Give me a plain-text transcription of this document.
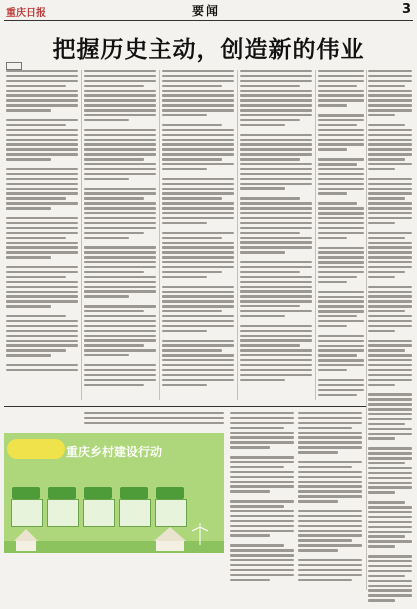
重庆日报	要闻	3
把握历史主动，创造新的伟业

重庆乡村建设行动
